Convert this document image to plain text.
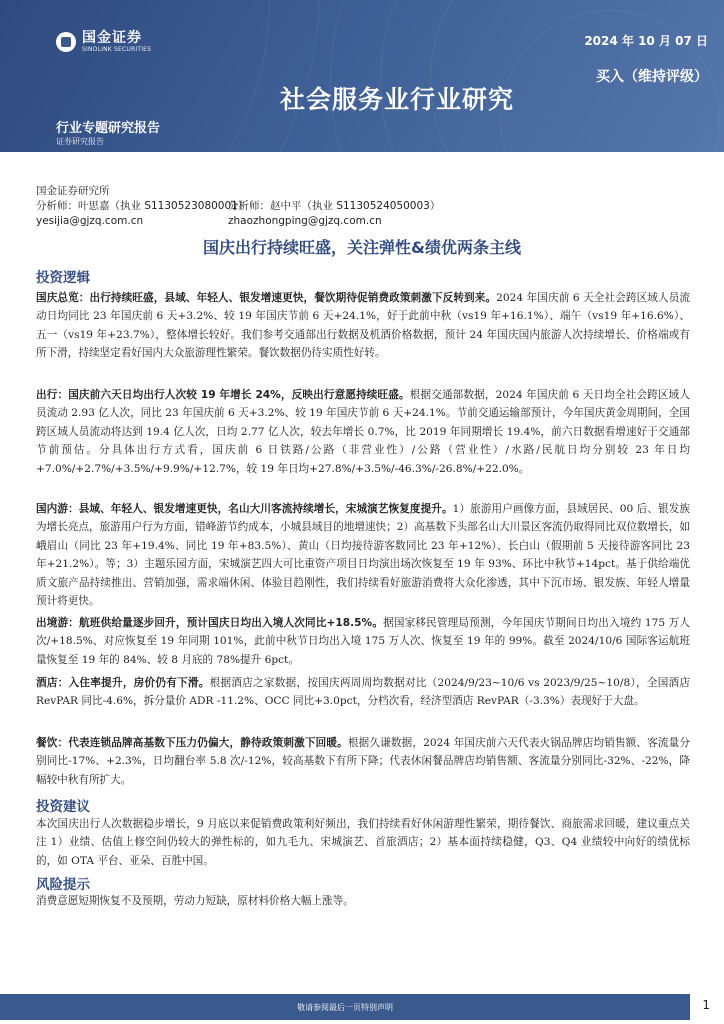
国金证券
SINOLINK SECURITIES
2024 年 10 月 07 日
买入（维持评级）
社会服务业行业研究
行业专题研究报告
证券研究报告
国金证券研究所
分析师：叶思嘉（执业 S1130523080001）
分析师：赵中平（执业 S1130524050003）
yesijia@gjzq.com.cn	zhaozhongping@gjzq.com.cn
国庆出行持续旺盛，关注弹性&绩优两条主线
投资逻辑
国庆总览：出行持续旺盛，县域、年轻人、银发增速更快，餐饮期待促销费政策刺激下反转到来。2024 年国庆前 6 天全社会跨区域人员流动日均同比 23 年国庆前 6 天+3.2%、较 19 年国庆节前 6 天+24.1%，好于此前中秋（vs19 年+16.1%）、端午（vs19 年+16.6%）、五一（vs19 年+23.7%），整体增长较好。我们参考交通部出行数据及机酒价格数据，预计 24 年国庆国内旅游人次持续增长、价格端或有所下滑，持续坚定看好国内大众旅游理性繁荣。餐饮数据仍待实质性好转。
出行：国庆前六天日均出行人次较 19 年增长 24%，反映出行意愿持续旺盛。根据交通部数据，2024 年国庆前 6 天日均全社会跨区域人员流动 2.93 亿人次，同比 23 年国庆前 6 天+3.2%、较 19 年国庆节前 6 天+24.1%。节前交通运输部预计，今年国庆黄金周期间，全国跨区域人员流动将达到 19.4 亿人次，日均 2.77 亿人次，较去年增长 0.7%，比 2019 年同期增长 19.4%，前六日数据看增速好于交通部节前预估。分具体出行方式看，国庆前 6 日铁路/公路（非营业性）/公路（营业性）/水路/民航日均分别较 23 年日均+7.0%/+2.7%/+3.5%/+9.9%/+12.7%，较 19 年日均+27.8%/+3.5%/-46.3%/-26.8%/+22.0%。
国内游：县域、年轻人、银发增速更快，名山大川客流持续增长，宋城演艺恢复度提升。1）旅游用户画像方面，县域居民、00 后、银发族为增长亮点，旅游用户行为方面，错峰游节约成本，小城县域目的地增速快；2）高基数下头部名山大川景区客流仍取得同比双位数增长，如峨眉山（同比 23 年+19.4%、同比 19 年+83.5%）、黄山（日均接待游客数同比 23 年+12%）、长白山（假期前 5 天接待游客同比 23 年+21.2%）。等；3）主题乐园方面，宋城演艺四大可比重资产项目日均演出场次恢复至 19 年 93%、环比中秋节+14pct。基于供给端优质文旅产品持续推出、营销加强，需求端休闲、体验目趋刚性，我们持续看好旅游消费将大众化渗透，其中下沉市场、银发族、年轻人增量预计将更快。
出境游：航班供给量逐步回升，预计国庆日均出入境人次同比+18.5%。据国家移民管理局预测，今年国庆节期间日均出入境约 175 万人次/+18.5%、对应恢复至 19 年同期 101%，此前中秋节日均出入境 175 万人次、恢复至 19 年的 99%。截至 2024/10/6 国际客运航班量恢复至 19 年的 84%、较 8 月底的 78%提升 6pct。
酒店：入住率提升，房价仍有下滑。根据酒店之家数据，按国庆两周周均数据对比（2024/9/23~10/6 vs 2023/9/25~10/8），全国酒店 RevPAR 同比-4.6%，拆分量价 ADR -11.2%、OCC 同比+3.0pct，分档次看，经济型酒店 RevPAR（-3.3%）表现好于大盘。
餐饮：代表连锁品牌高基数下压力仍偏大，静待政策刺激下回暖。根据久谦数据，2024 年国庆前六天代表火锅品牌店均销售额、客流量分别同比-17%、+2.3%，日均翻台率 5.8 次/-12%，较高基数下有所下降；代表休闲餐品牌店均销售额、客流量分别同比-32%、-22%，降幅较中秋有所扩大。
投资建议
本次国庆出行人次数据稳步增长，9 月底以来促销费政策利好频出，我们持续看好休闲游理性繁荣，期待餐饮、商旅需求回暖，建议重点关注 1）业绩、估值上修空间仍较大的弹性标的，如九毛九、宋城演艺、首旅酒店；2）基本面持续稳健，Q3、Q4 业绩较中向好的绩优标的，如 OTA 平台、亚朵、百胜中国。
风险提示
消费意愿短期恢复不及预期，劳动力短缺，原材料价格大幅上涨等。
敬请参阅最后一页特别声明	1
